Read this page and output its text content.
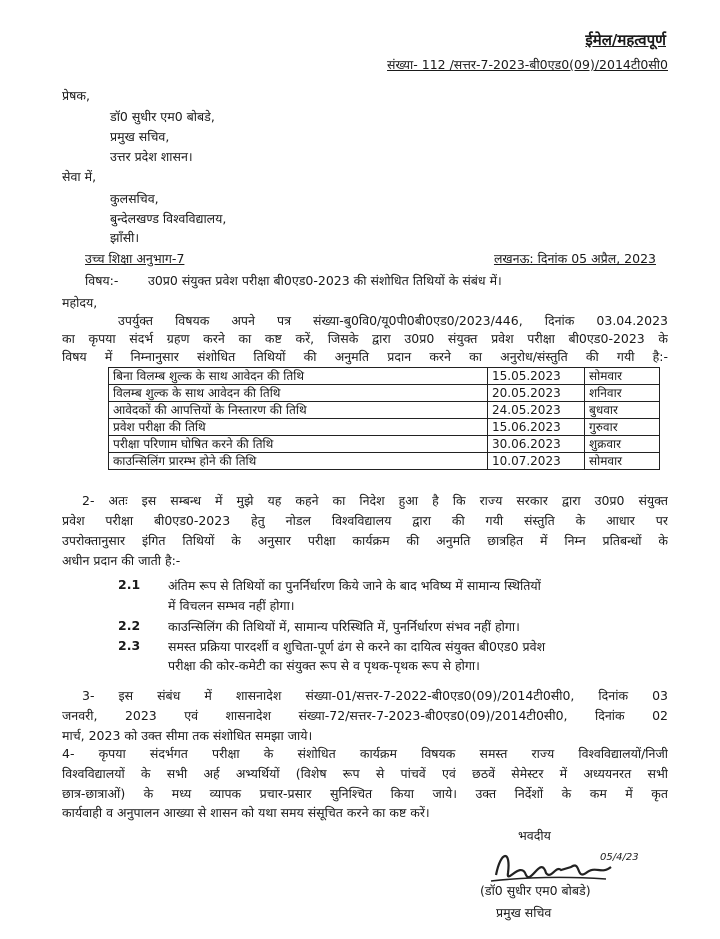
ईमेल/महत्वपूर्ण
संख्या- 112 /सत्तर-7-2023-बी0एड0(09)/2014टी0सी0
प्रेषक,
डॉ0 सुधीर एम0 बोबडे,
प्रमुख सचिव,
उत्तर प्रदेश शासन।
सेवा में,
कुलसचिव,
बुन्देलखण्ड विश्वविद्यालय,
झाँसी।
उच्च शिक्षा अनुभाग-7	लखनऊ: दिनांक 05 अप्रैल, 2023
विषय:- उ0प्र0 संयुक्त प्रवेश परीक्षा बी0एड0-2023 की संशोधित तिथियों के संबंध में।
महोदय,
उपर्युक्त विषयक अपने पत्र संख्या-बु0वि0/यू0पी0बी0एड0/2023/446, दिनांक 03.04.2023
का कृपया संदर्भ ग्रहण करने का कष्ट करें, जिसके द्वारा उ0प्र0 संयुक्त प्रवेश परीक्षा बी0एड0-2023 के
विषय में निम्नानुसार संशोधित तिथियों की अनुमति प्रदान करने का अनुरोध/संस्तुति की गयी है:-
बिना विलम्ब शुल्क के साथ आवेदन की तिथि	15.05.2023	सोमवार
विलम्ब शुल्क के साथ आवेदन की तिथि	20.05.2023	शनिवार
आवेदकों की आपत्तियों के निस्तारण की तिथि	24.05.2023	बुधवार
प्रवेश परीक्षा की तिथि	15.06.2023	गुरुवार
परीक्षा परिणाम घोषित करने की तिथि	30.06.2023	शुक्रवार
काउन्सिलिंग प्रारम्भ होने की तिथि	10.07.2023	सोमवार
2- अतः इस सम्बन्ध में मुझे यह कहने का निदेश हुआ है कि राज्य सरकार द्वारा उ0प्र0 संयुक्त
प्रवेश परीक्षा बी0एड0-2023 हेतु नोडल विश्वविद्यालय द्वारा की गयी संस्तुति के आधार पर
उपरोक्तानुसार इंगित तिथियों के अनुसार परीक्षा कार्यक्रम की अनुमति छात्रहित में निम्न प्रतिबन्धों के
अधीन प्रदान की जाती है:-
2.1 अंतिम रूप से तिथियों का पुनर्निर्धारण किये जाने के बाद भविष्य में सामान्य स्थितियों
में विचलन सम्भव नहीं होगा।
2.2 काउन्सिलिंग की तिथियों में, सामान्य परिस्थिति में, पुनर्निर्धारण संभव नहीं होगा।
2.3 समस्त प्रक्रिया पारदर्शी व शुचिता-पूर्ण ढंग से करने का दायित्व संयुक्त बी0एड0 प्रवेश
परीक्षा की कोर-कमेटी का संयुक्त रूप से व पृथक-पृथक रूप से होगा।
3- इस संबंध में शासनादेश संख्या-01/सत्तर-7-2022-बी0एड0(09)/2014टी0सी0, दिनांक 03
जनवरी, 2023 एवं शासनादेश संख्या-72/सत्तर-7-2023-बी0एड0(09)/2014टी0सी0, दिनांक 02
मार्च, 2023 को उक्त सीमा तक संशोधित समझा जाये।
4- कृपया संदर्भगत परीक्षा के संशोधित कार्यक्रम विषयक समस्त राज्य विश्वविद्यालयों/निजी
विश्वविद्यालयों के सभी अर्ह अभ्यर्थियों (विशेष रूप से पांचवें एवं छठवें सेमेस्टर में अध्ययनरत सभी
छात्र-छात्राओं) के मध्य व्यापक प्रचार-प्रसार सुनिश्चित किया जाये। उक्त निर्देशों के कम में कृत
कार्यवाही व अनुपालन आख्या से शासन को यथा समय संसूचित करने का कष्ट करें।
भवदीय
05/4/23
(डॉ0 सुधीर एम0 बोबडे)
प्रमुख सचिव
